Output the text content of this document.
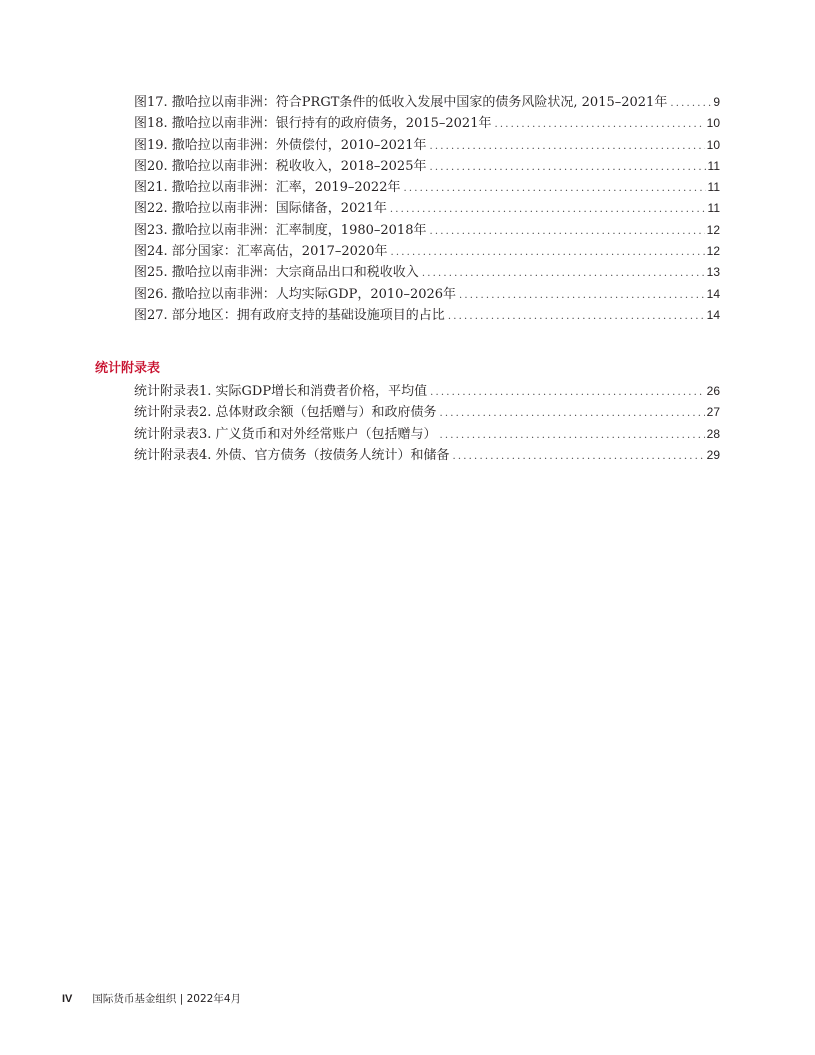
图17. 撒哈拉以南非洲：符合PRGT条件的低收入发展中国家的债务风险状况, 2015–2021年 .....	9
图18. 撒哈拉以南非洲：银行持有的政府债务，2015–2021年 .....	10
图19. 撒哈拉以南非洲：外债偿付，2010–2021年 .....	10
图20. 撒哈拉以南非洲：税收收入，2018–2025年 .....	11
图21. 撒哈拉以南非洲：汇率，2019–2022年 .....	11
图22. 撒哈拉以南非洲：国际储备，2021年 .....	11
图23. 撒哈拉以南非洲：汇率制度，1980–2018年 .....	12
图24. 部分国家：汇率高估，2017–2020年 .....	12
图25. 撒哈拉以南非洲：大宗商品出口和税收收入 .....	13
图26. 撒哈拉以南非洲：人均实际GDP，2010–2026年 .....	14
图27. 部分地区：拥有政府支持的基础设施项目的占比 .....	14
统计附录表
统计附录表1. 实际GDP增长和消费者价格，平均值 .....	26
统计附录表2. 总体财政余额（包括赠与）和政府债务 .....	27
统计附录表3. 广义货币和对外经常账户（包括赠与） .....	28
统计附录表4. 外债、官方债务（按债务人统计）和储备 .....	29
IV 国际货币基金组织 | 2022年4月
